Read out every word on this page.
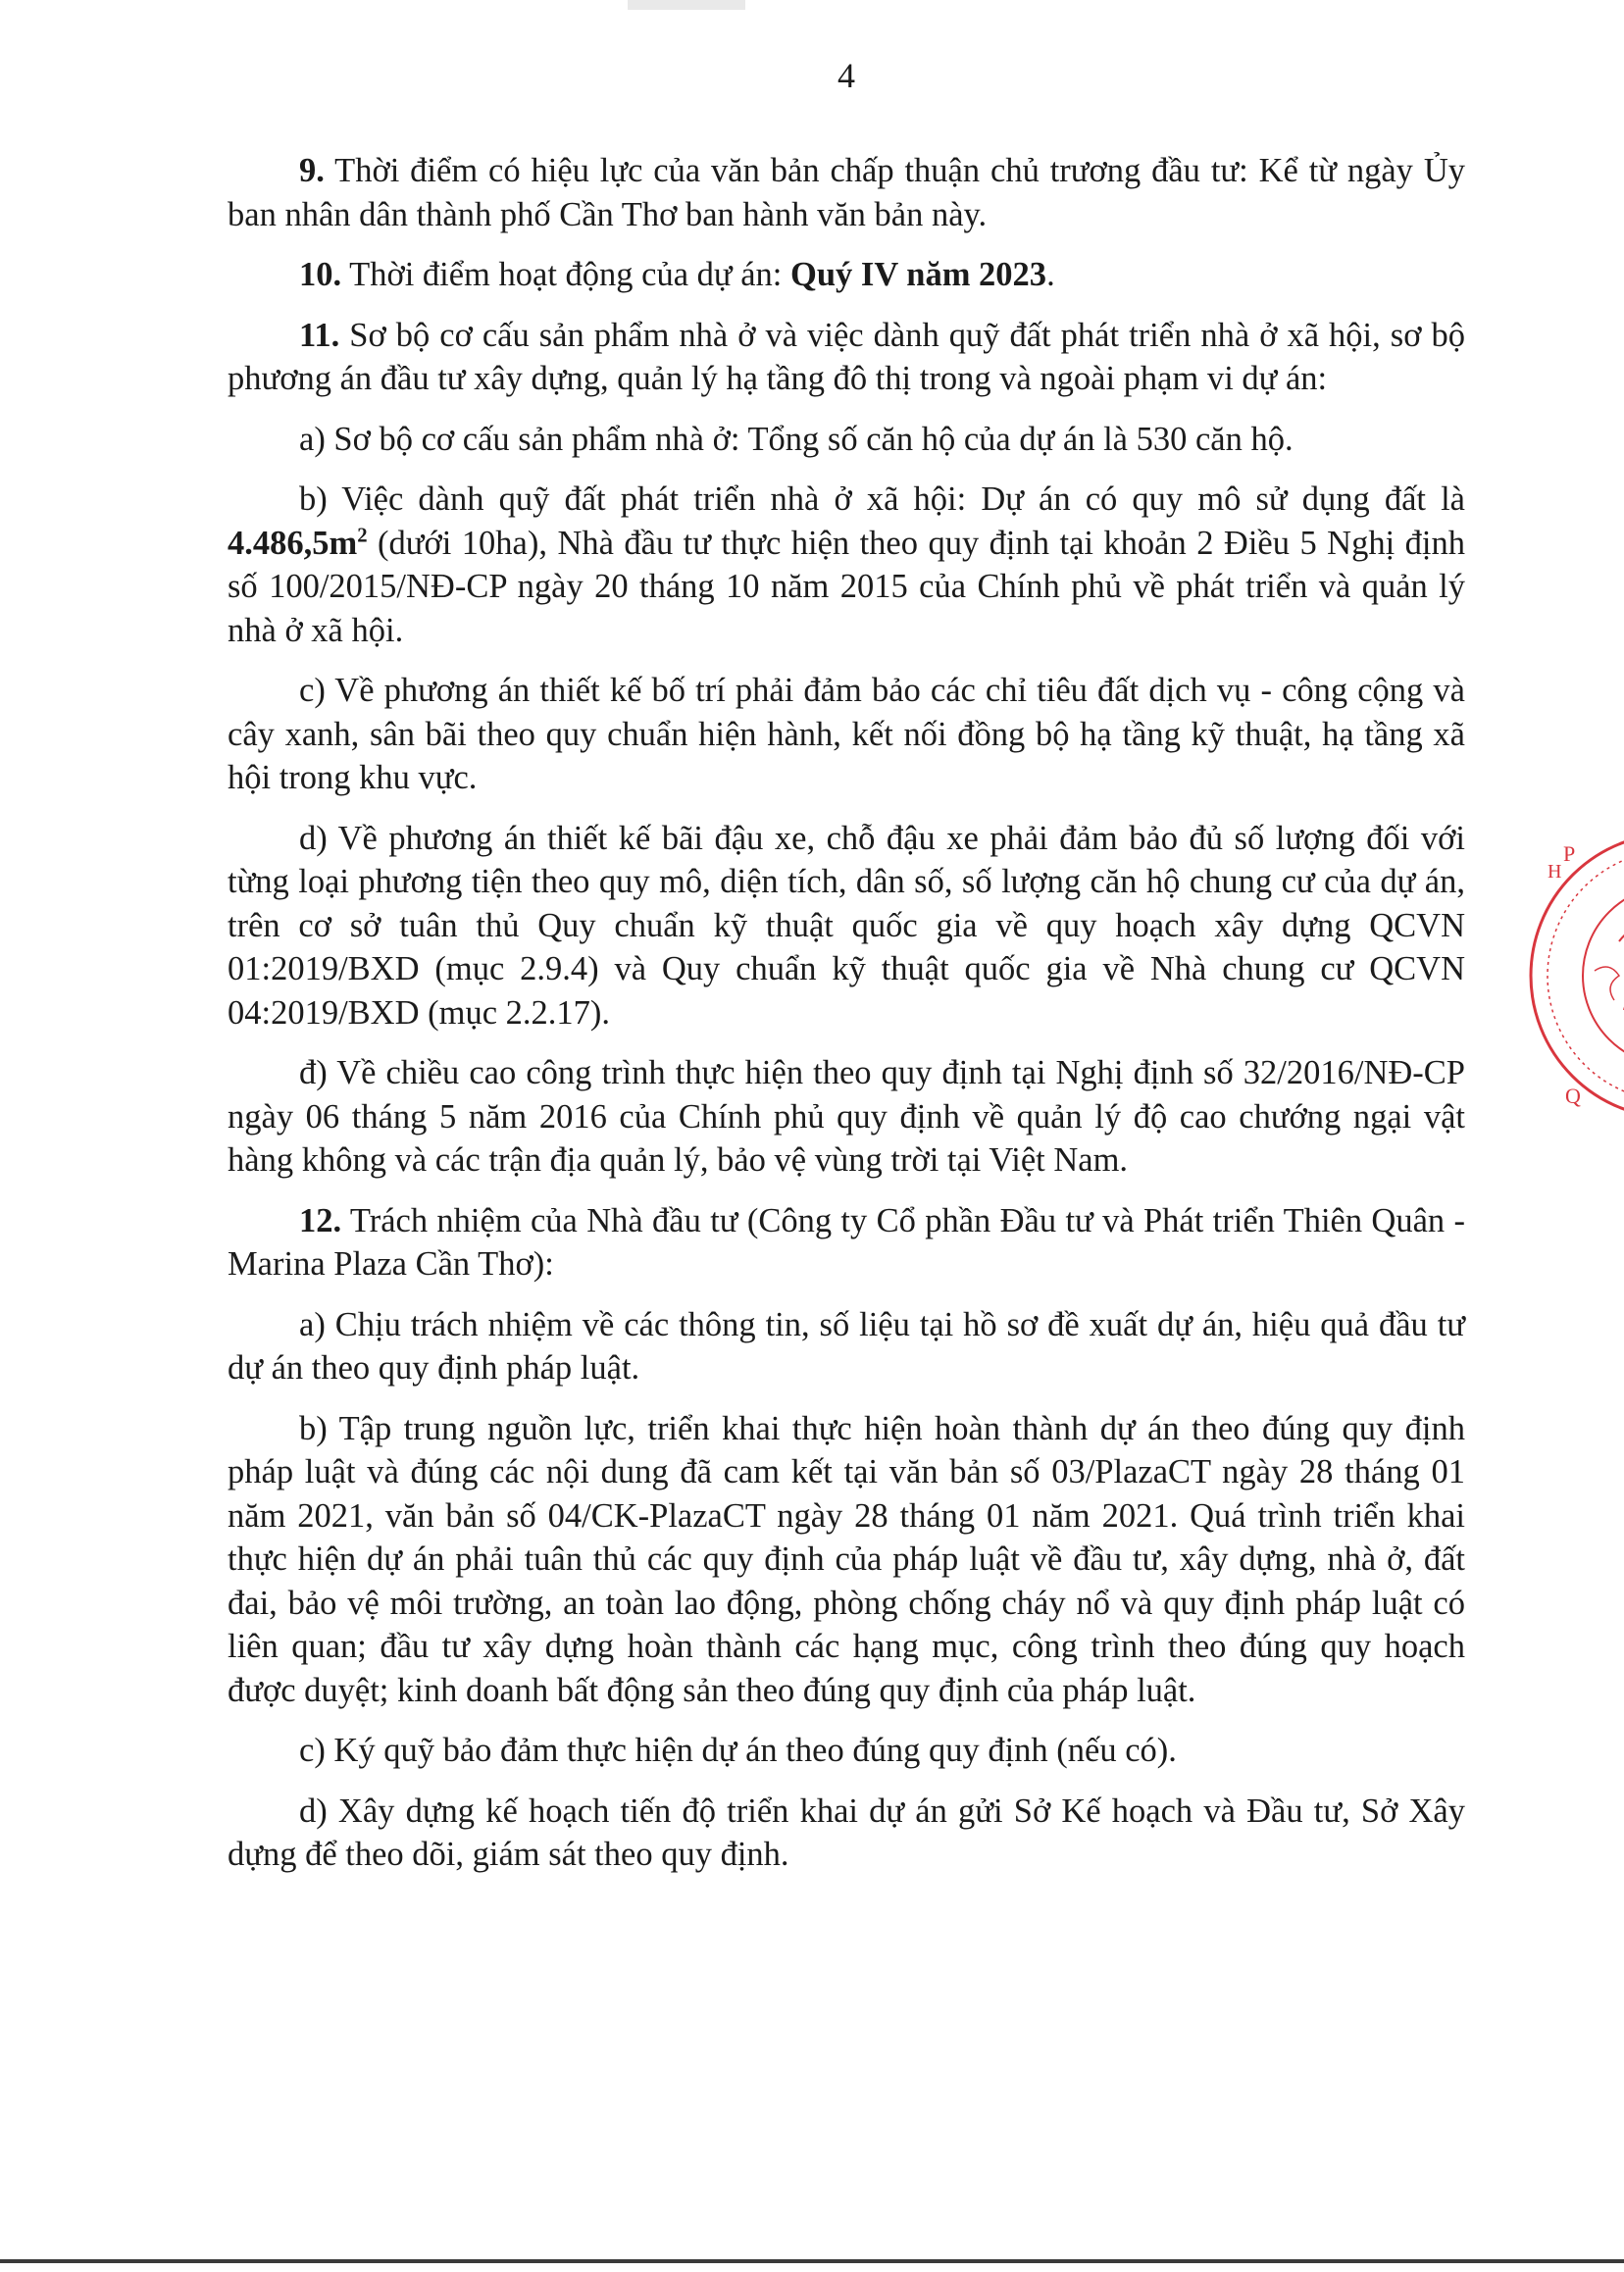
4

9. Thời điểm có hiệu lực của văn bản chấp thuận chủ trương đầu tư: Kể từ ngày Ủy ban nhân dân thành phố Cần Thơ ban hành văn bản này.

10. Thời điểm hoạt động của dự án: Quý IV năm 2023.

11. Sơ bộ cơ cấu sản phẩm nhà ở và việc dành quỹ đất phát triển nhà ở xã hội, sơ bộ phương án đầu tư xây dựng, quản lý hạ tầng đô thị trong và ngoài phạm vi dự án:

a) Sơ bộ cơ cấu sản phẩm nhà ở: Tổng số căn hộ của dự án là 530 căn hộ.

b) Việc dành quỹ đất phát triển nhà ở xã hội: Dự án có quy mô sử dụng đất là $4.486,5m^2$ (dưới 10ha), Nhà đầu tư thực hiện theo quy định tại khoản 2 Điều 5 Nghị định số 100/2015/NĐ-CP ngày 20 tháng 10 năm 2015 của Chính phủ về phát triển và quản lý nhà ở xã hội.

c) Về phương án thiết kế bố trí phải đảm bảo các chỉ tiêu đất dịch vụ - công cộng và cây xanh, sân bãi theo quy chuẩn hiện hành, kết nối đồng bộ hạ tầng kỹ thuật, hạ tầng xã hội trong khu vực.

d) Về phương án thiết kế bãi đậu xe, chỗ đậu xe phải đảm bảo đủ số lượng đối với từng loại phương tiện theo quy mô, diện tích, dân số, số lượng căn hộ chung cư của dự án, trên cơ sở tuân thủ Quy chuẩn kỹ thuật quốc gia về quy hoạch xây dựng QCVN 01:2019/BXD (mục 2.9.4) và Quy chuẩn kỹ thuật quốc gia về Nhà chung cư QCVN 04:2019/BXD (mục 2.2.17).

đ) Về chiều cao công trình thực hiện theo quy định tại Nghị định số 32/2016/NĐ-CP ngày 06 tháng 5 năm 2016 của Chính phủ quy định về quản lý độ cao chướng ngại vật hàng không và các trận địa quản lý, bảo vệ vùng trời tại Việt Nam.

12. Trách nhiệm của Nhà đầu tư (Công ty Cổ phần Đầu tư và Phát triển Thiên Quân - Marina Plaza Cần Thơ):

a) Chịu trách nhiệm về các thông tin, số liệu tại hồ sơ đề xuất dự án, hiệu quả đầu tư dự án theo quy định pháp luật.

b) Tập trung nguồn lực, triển khai thực hiện hoàn thành dự án theo đúng quy định pháp luật và đúng các nội dung đã cam kết tại văn bản số 03/PlazaCT ngày 28 tháng 01 năm 2021, văn bản số 04/CK-PlazaCT ngày 28 tháng 01 năm 2021. Quá trình triển khai thực hiện dự án phải tuân thủ các quy định của pháp luật về đầu tư, xây dựng, nhà ở, đất đai, bảo vệ môi trường, an toàn lao động, phòng chống cháy nổ và quy định pháp luật có liên quan; đầu tư xây dựng hoàn thành các hạng mục, công trình theo đúng quy hoạch được duyệt; kinh doanh bất động sản theo đúng quy định của pháp luật.

c) Ký quỹ bảo đảm thực hiện dự án theo đúng quy định (nếu có).

d) Xây dựng kế hoạch tiến độ triển khai dự án gửi Sở Kế hoạch và Đầu tư, Sở Xây dựng để theo dõi, giám sát theo quy định.

H
P
Q
